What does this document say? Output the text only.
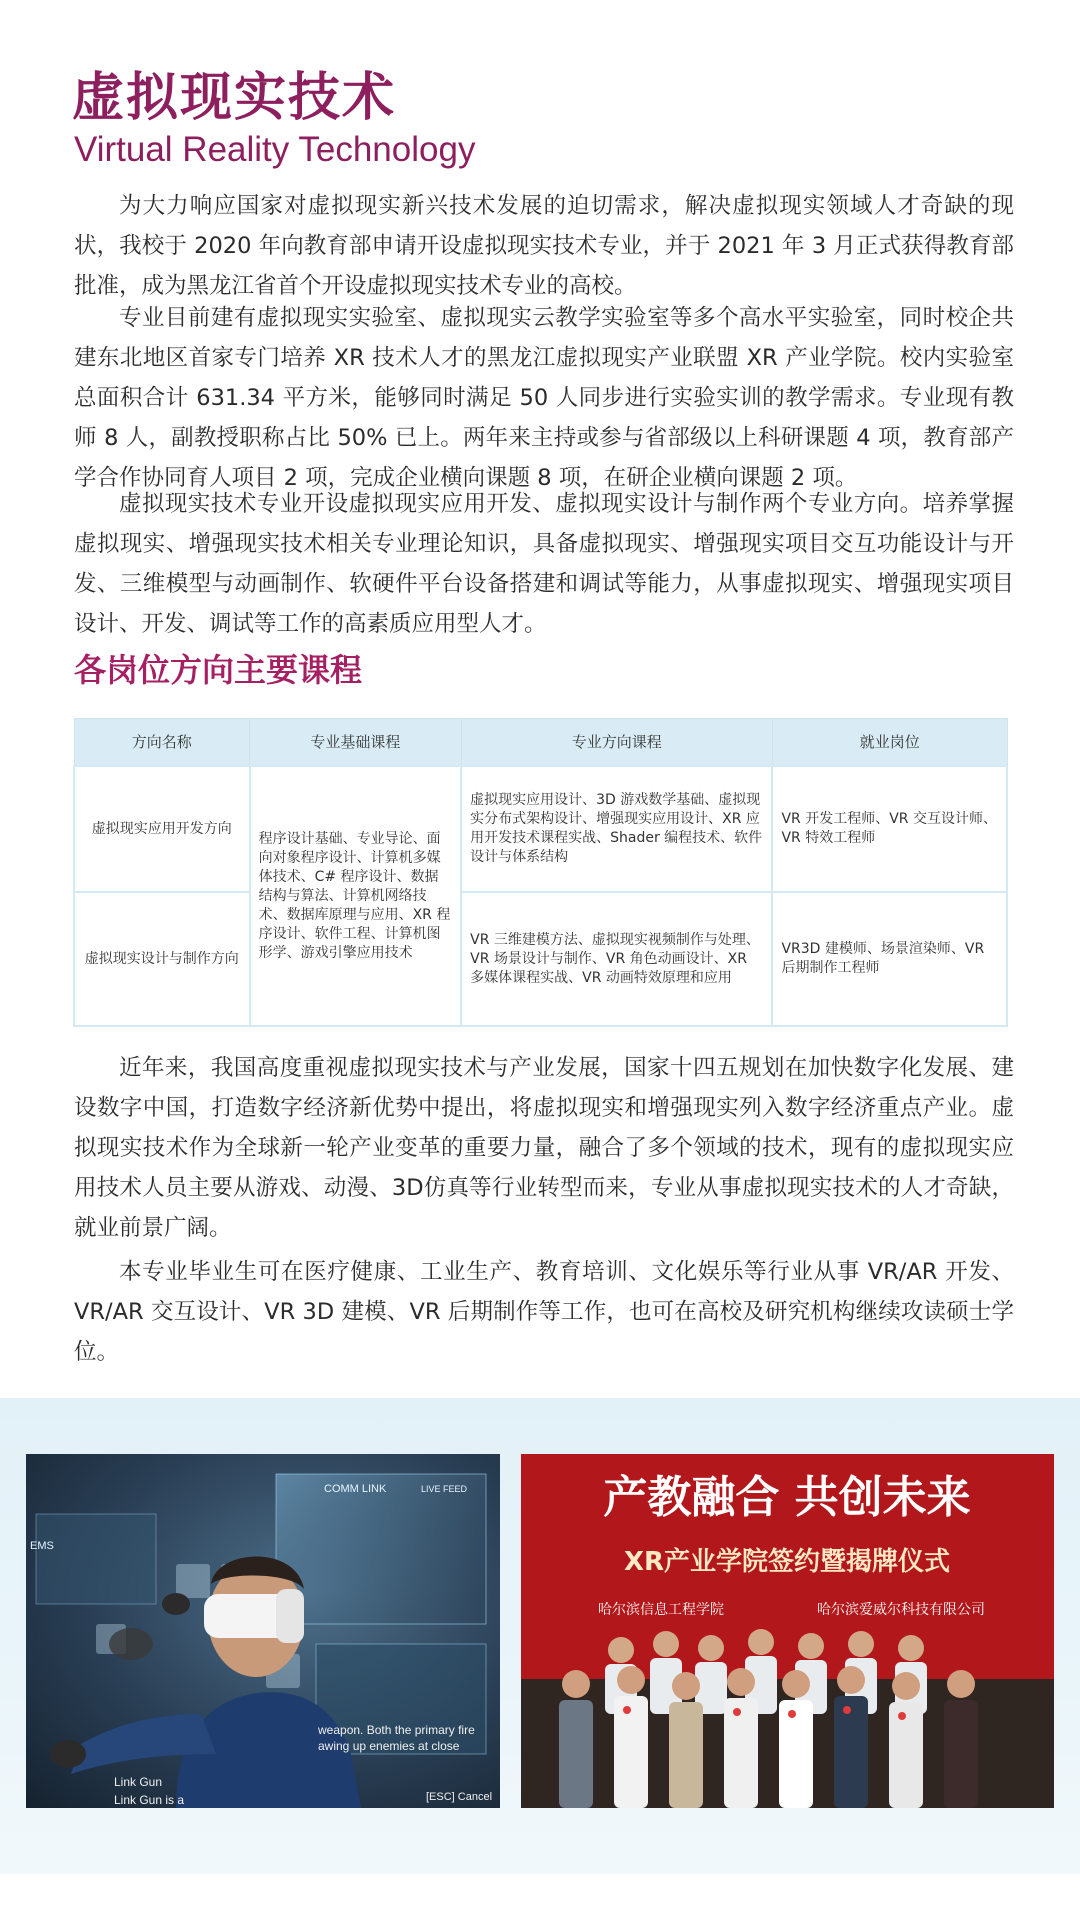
虚拟现实技术

Virtual Reality Technology

为大力响应国家对虚拟现实新兴技术发展的迫切需求，解决虚拟现实领域人才奇缺的现状，我校于 2020 年向教育部申请开设虚拟现实技术专业，并于 2021 年 3 月正式获得教育部批准，成为黑龙江省首个开设虚拟现实技术专业的高校。

专业目前建有虚拟现实实验室、虚拟现实云教学实验室等多个高水平实验室，同时校企共建东北地区首家专门培养 XR 技术人才的黑龙江虚拟现实产业联盟 XR 产业学院。校内实验室总面积合计 631.34 平方米，能够同时满足 50 人同步进行实验实训的教学需求。专业现有教师 8 人，副教授职称占比 50% 已上。两年来主持或参与省部级以上科研课题 4 项，教育部产学合作协同育人项目 2 项，完成企业横向课题 8 项，在研企业横向课题 2 项。

虚拟现实技术专业开设虚拟现实应用开发、虚拟现实设计与制作两个专业方向。培养掌握虚拟现实、增强现实技术相关专业理论知识，具备虚拟现实、增强现实项目交互功能设计与开发、三维模型与动画制作、软硬件平台设备搭建和调试等能力，从事虚拟现实、增强现实项目设计、开发、调试等工作的高素质应用型人才。

各岗位方向主要课程
方向名称	专业基础课程	专业方向课程	就业岗位
虚拟现实应用开发方向	程序设计基础、专业导论、面向对象程序设计、计算机多媒体技术、C# 程序设计、数据结构与算法、计算机网络技术、数据库原理与应用、XR 程序设计、软件工程、计算机图形学、游戏引擎应用技术	虚拟现实应用设计、3D 游戏数学基础、虚拟现实分布式架构设计、增强现实应用设计、XR 应用开发技术课程实战、Shader 编程技术、软件设计与体系结构	VR 开发工程师、VR 交互设计师、VR 特效工程师
虚拟现实设计与制作方向		VR 三维建模方法、虚拟现实视频制作与处理、VR 场景设计与制作、VR 角色动画设计、XR 多媒体课程实战、VR 动画特效原理和应用	VR3D 建模师、场景渲染师、VR 后期制作工程师

近年来，我国高度重视虚拟现实技术与产业发展，国家十四五规划在加快数字化发展、建设数字中国，打造数字经济新优势中提出，将虚拟现实和增强现实列入数字经济重点产业。虚拟现实技术作为全球新一轮产业变革的重要力量，融合了多个领域的技术，现有的虚拟现实应用技术人员主要从游戏、动漫、3D仿真等行业转型而来，专业从事虚拟现实技术的人才奇缺，就业前景广阔。

本专业毕业生可在医疗健康、工业生产、教育培训、文化娱乐等行业从事 VR/AR 开发、VR/AR 交互设计、VR 3D 建模、VR 后期制作等工作，也可在高校及研究机构继续攻读硕士学位。

COMM LINK	LIVE FEED
EMS
weapon. Both the primary fire
awing up enemies at close
Link Gun
Link Gun is a	[ESC] Cancel
产教融合 共创未来
XR产业学院签约暨揭牌仪式
哈尔滨信息工程学院	哈尔滨爱威尔科技有限公司
